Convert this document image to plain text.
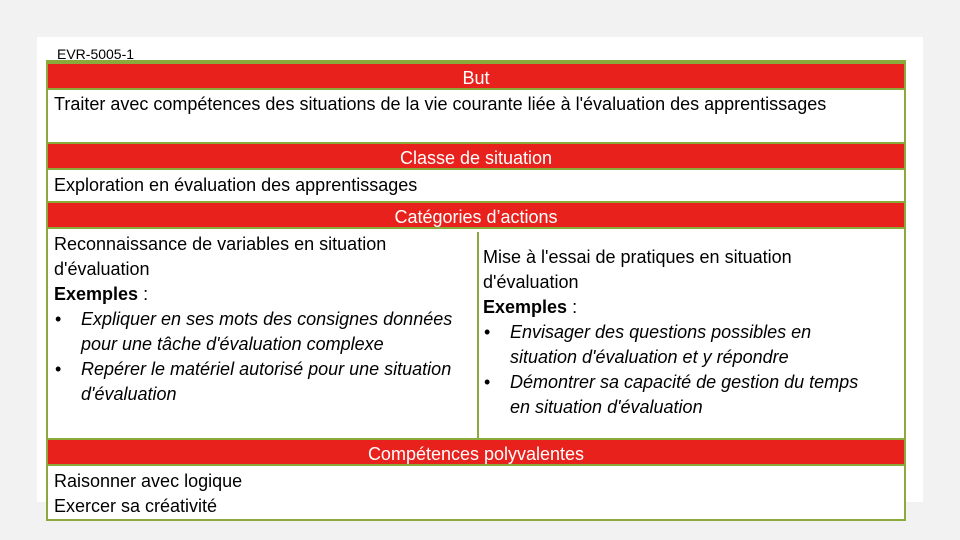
EVR-5005-1
But
Traiter avec compétences des situations de la vie courante liée à l'évaluation des apprentissages
Classe de situation
Exploration en évaluation des apprentissages
Catégories d’actions
Reconnaissance de variables en situation d'évaluation
Exemples :
• Expliquer en ses mots des consignes données pour une tâche d'évaluation complexe
• Repérer le matériel autorisé pour une situation d'évaluation
Mise à l'essai de pratiques en situation d'évaluation
Exemples :
• Envisager des questions possibles en situation d'évaluation et y répondre
• Démontrer sa capacité de gestion du temps en situation d'évaluation
Compétences polyvalentes
Raisonner avec logique
Exercer sa créativité
